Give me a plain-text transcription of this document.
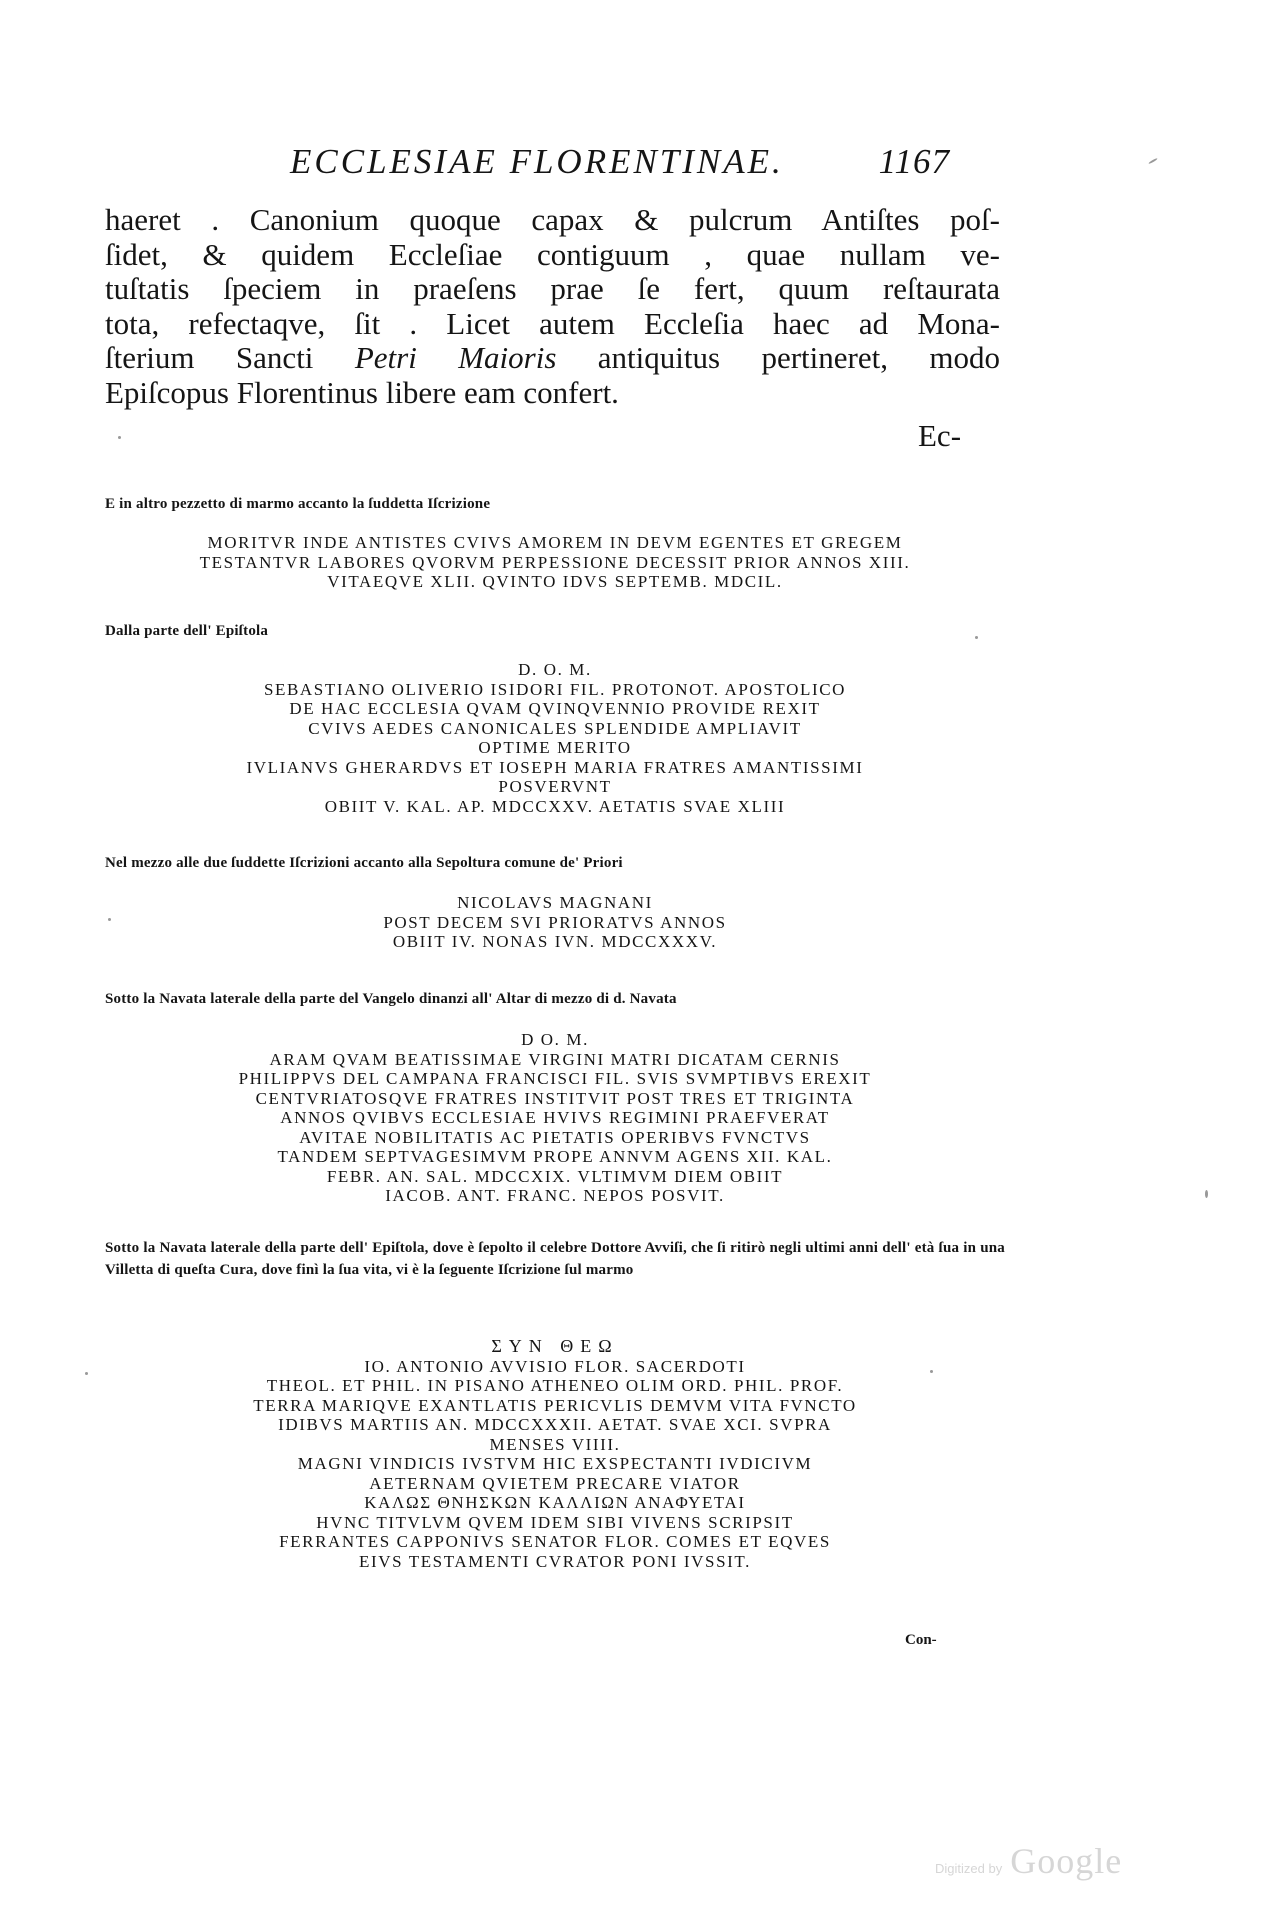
ECCLESIAE FLORENTINAE.	1167
haeret . Canonium quoque capax & pulcrum Antiſtes poſ-
ſidet, & quidem Eccleſiae contiguum , quae nullam ve-
tuſtatis ſpeciem in praeſens prae ſe fert, quum reſtaurata
tota, refectaqve, ſit . Licet autem Eccleſia haec ad Mona-
ſterium Sancti Petri Maioris antiquitus pertineret, modo
Epiſcopus Florentinus libere eam confert.
Ec-
E in altro pezzetto di marmo accanto la ſuddetta Iſcrizione
MORITVR INDE ANTISTES CVIVS AMOREM IN DEVM EGENTES ET GREGEM
TESTANTVR LABORES QVORVM PERPESSIONE DECESSIT PRIOR ANNOS XIII.
VITAEQVE XLII. QVINTO IDVS SEPTEMB. MDCIL.
Dalla parte dell' Epiſtola
D. O. M.
SEBASTIANO OLIVERIO ISIDORI FIL. PROTONOT. APOSTOLICO
DE HAC ECCLESIA QVAM QVINQVENNIO PROVIDE REXIT
CVIVS AEDES CANONICALES SPLENDIDE AMPLIAVIT
OPTIME MERITO
IVLIANVS GHERARDVS ET IOSEPH MARIA FRATRES AMANTISSIMI
POSVERVNT
OBIIT V. KAL. AP. MDCCXXV. AETATIS SVAE XLIII
Nel mezzo alle due ſuddette Iſcrizioni accanto alla Sepoltura comune de' Priori
NICOLAVS MAGNANI
POST DECEM SVI PRIORATVS ANNOS
OBIIT IV. NONAS IVN. MDCCXXXV.
Sotto la Navata laterale della parte del Vangelo dinanzi all' Altar di mezzo di d. Navata
D O. M.
ARAM QVAM BEATISSIMAE VIRGINI MATRI DICATAM CERNIS
PHILIPPVS DEL CAMPANA FRANCISCI FIL. SVIS SVMPTIBVS EREXIT
CENTVRIATOSQVE FRATRES INSTITVIT POST TRES ET TRIGINTA
ANNOS QVIBVS ECCLESIAE HVIVS REGIMINI PRAEFVERAT
AVITAE NOBILITATIS AC PIETATIS OPERIBVS FVNCTVS
TANDEM SEPTVAGESIMVM PROPE ANNVM AGENS XII. KAL.
FEBR. AN. SAL. MDCCXIX. VLTIMVM DIEM OBIIT
IACOB. ANT. FRANC. NEPOS POSVIT.
Sotto la Navata laterale della parte dell' Epiſtola, dove è ſepolto il celebre Dottore Avviſi, che ſi ritirò negli ultimi anni dell' età ſua in una Villetta di queſta Cura, dove finì la ſua vita, vi è la ſeguente Iſcrizione ſul marmo
ΣΥΝ ΘΕΩ
IO. ANTONIO AVVISIO FLOR. SACERDOTI
THEOL. ET PHIL. IN PISANO ATHENEO OLIM ORD. PHIL. PROF.
TERRA MARIQVE EXANTLATIS PERICVLIS DEMVM VITA FVNCTO
IDIBVS MARTIIS AN. MDCCXXXII. AETAT. SVAE XCI. SVPRA
MENSES VIIII.
MAGNI VINDICIS IVSTVM HIC EXSPECTANTI IVDICIVM
AETERNAM QVIETEM PRECARE VIATOR
ΚΑΛΩΣ ΘΝΗΣΚΩΝ ΚΑΛΛΙΩΝ ΑΝΑΦΥΕΤΑΙ
HVNC TITVLVM QVEM IDEM SIBI VIVENS SCRIPSIT
FERRANTES CAPPONIVS SENATOR FLOR. COMES ET EQVES
EIVS TESTAMENTI CVRATOR PONI IVSSIT.
Con-
Digitized by Google
